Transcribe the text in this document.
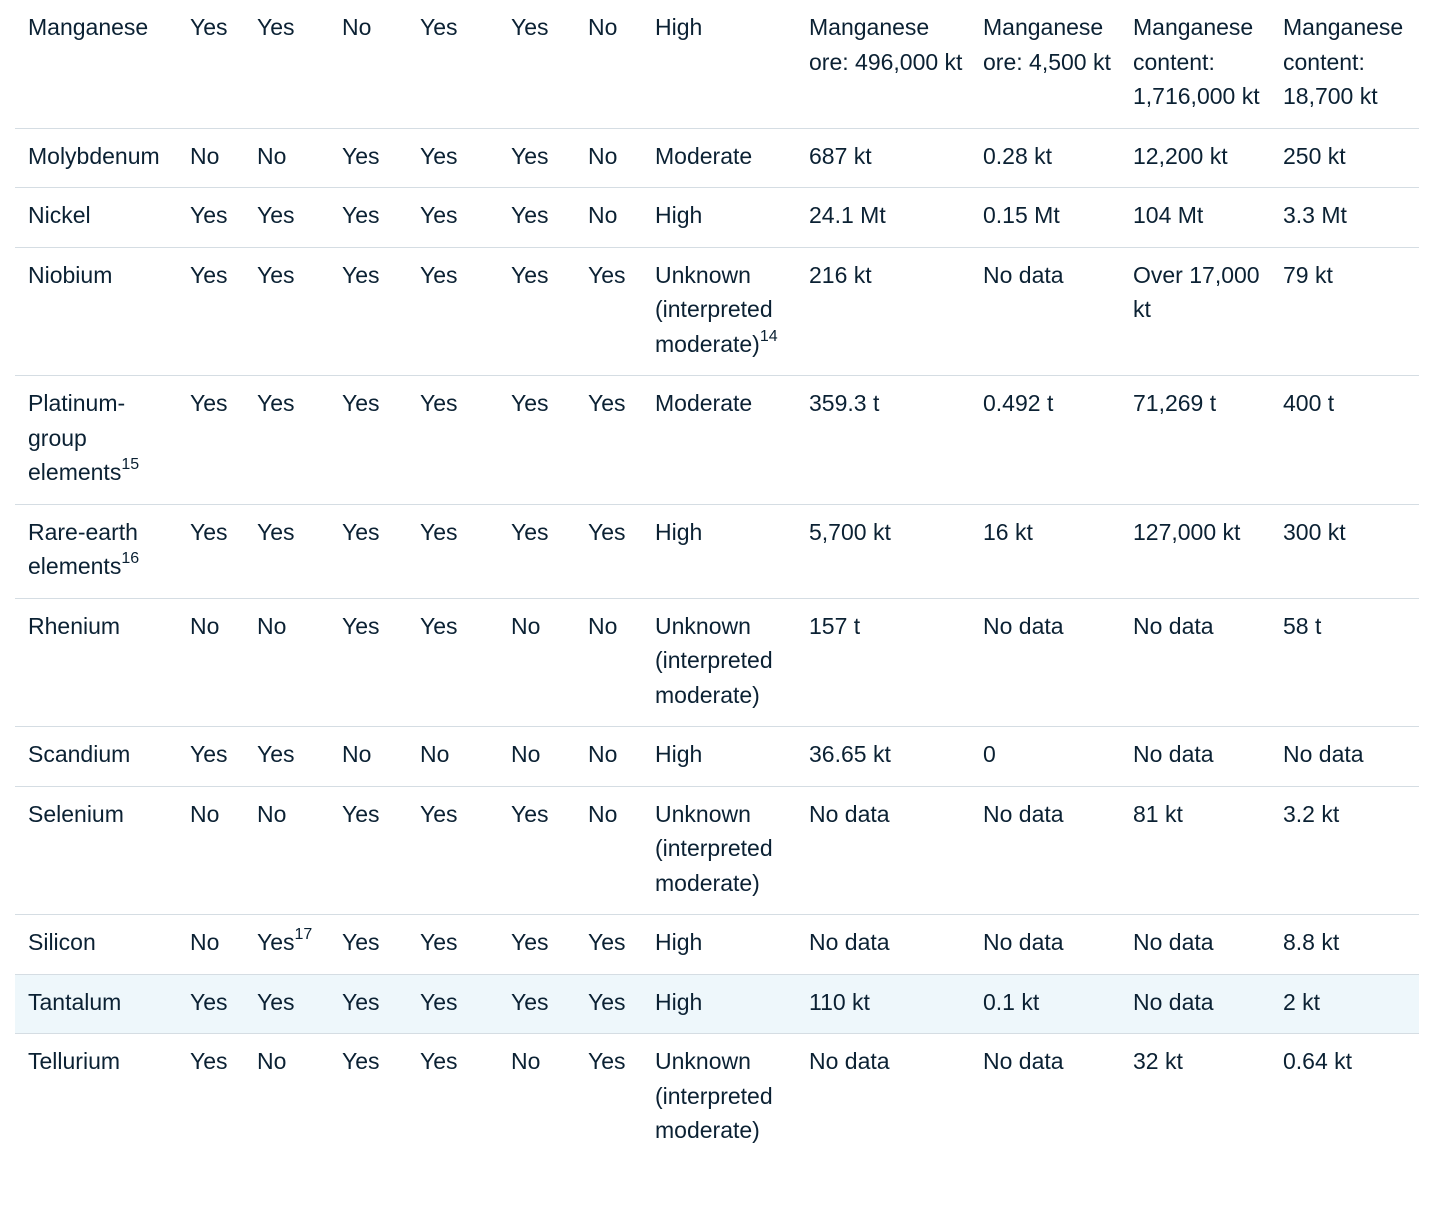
Manganese	Yes	Yes	No	Yes	Yes	No	High	Manganese ore: 496,000 kt	Manganese ore: 4,500 kt	Manganese content: 1,716,000 kt	Manganese content: 18,700 kt
Molybdenum	No	No	Yes	Yes	Yes	No	Moderate	687 kt	0.28 kt	12,200 kt	250 kt
Nickel	Yes	Yes	Yes	Yes	Yes	No	High	24.1 Mt	0.15 Mt	104 Mt	3.3 Mt
Niobium	Yes	Yes	Yes	Yes	Yes	Yes	Unknown (interpreted moderate)$^{14}$	216 kt	No data	Over 17,000 kt	79 kt
Platinum-group elements$^{15}$	Yes	Yes	Yes	Yes	Yes	Yes	Moderate	359.3 t	0.492 t	71,269 t	400 t
Rare-earth elements$^{16}$	Yes	Yes	Yes	Yes	Yes	Yes	High	5,700 kt	16 kt	127,000 kt	300 kt
Rhenium	No	No	Yes	Yes	No	No	Unknown (interpreted moderate)	157 t	No data	No data	58 t
Scandium	Yes	Yes	No	No	No	No	High	36.65 kt	0	No data	No data
Selenium	No	No	Yes	Yes	Yes	No	Unknown (interpreted moderate)	No data	No data	81 kt	3.2 kt
Silicon	No	Yes$^{17}$	Yes	Yes	Yes	Yes	High	No data	No data	No data	8.8 kt
Tantalum	Yes	Yes	Yes	Yes	Yes	Yes	High	110 kt	0.1 kt	No data	2 kt
Tellurium	Yes	No	Yes	Yes	No	Yes	Unknown (interpreted moderate)	No data	No data	32 kt	0.64 kt
